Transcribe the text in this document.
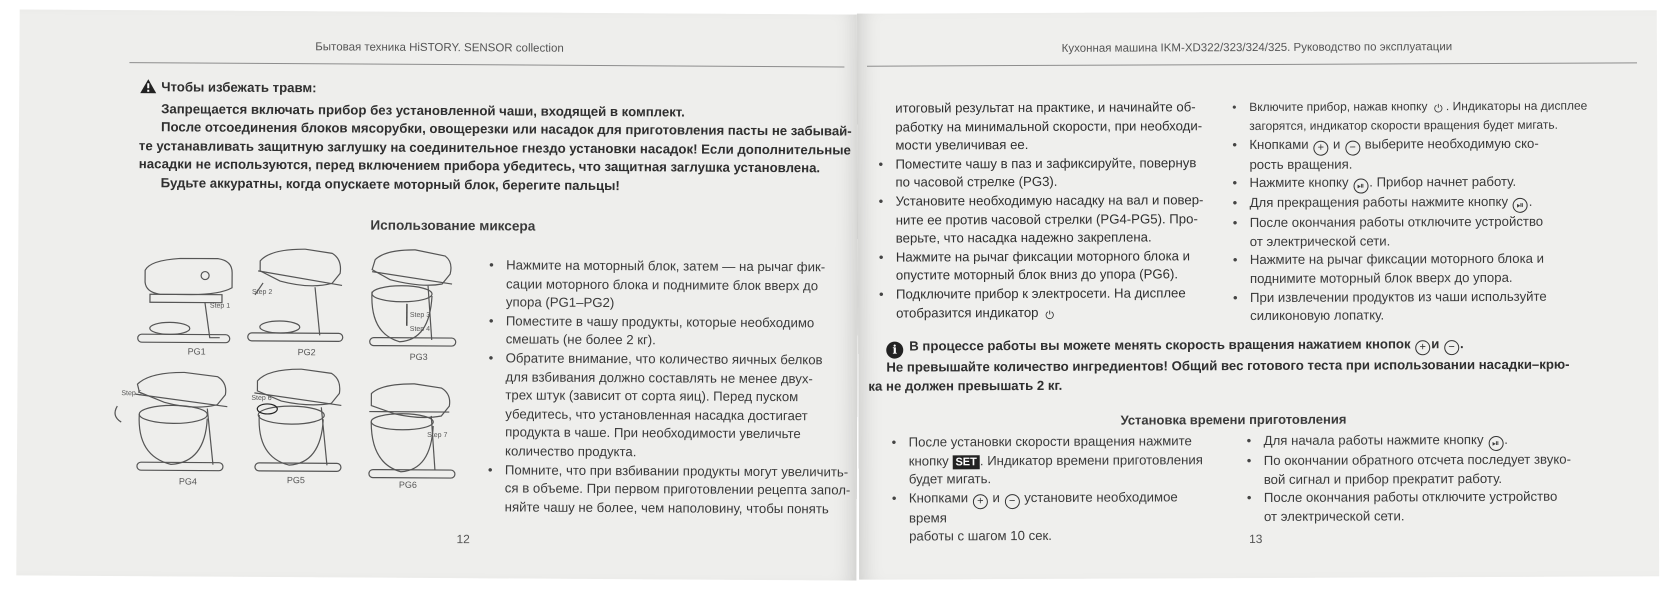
Бытовая техника HiSTORY. SENSOR collection

Чтобы избежать травм:

Запрещается включать прибор без установленной чаши, входящей в комплект.

После отсоединения блоков мясорубки, овощерезки или насадок для приготовления пасты не забывай-

те устанавливать защитную заглушку на соединительное гнездо установки насадок! Если дополнительные

насадки не используются, перед включением прибора убедитесь, что защитная заглушка установлена.

Будьте аккуратны, когда опускаете моторный блок, берегите пальцы!

Использование миксера
PG1	PG2	PG3
PG4	PG5	PG6
Step 1
Step 2
Step 3
Step 4
Step 5
Step 6
Step 7
• Нажмите на моторный блок, затем — на рычаг фик-
сации моторного блока и поднимите блок вверх до
упора (PG1–PG2)
• Поместите в чашу продукты, которые необходимо
смешать (не более 2 кг).
• Обратите внимание, что количество яичных белков
для взбивания должно составлять не менее двух-
трех штук (зависит от сорта яиц). Перед пуском
убедитесь, что установленная насадка достигает
продукта в чаше. При необходимости увеличьте
количество продукта.
• Помните, что при взбивании продукты могут увеличить-
ся в объеме. При первом приготовлении рецепта запол-
няйте чашу не более, чем наполовину, чтобы понять
12
Кухонная машина IKM-XD322/323/324/325. Руководство по эксплуатации
итоговый результат на практике, и начинайте об-
работку на минимальной скорости, при необходи-
мости увеличивая ее.
• Поместите чашу в паз и зафиксируйте, повернув
по часовой стрелке (PG3).
• Установите необходимую насадку на вал и повер-
ните ее против часовой стрелки (PG4-PG5). Про-
верьте, что насадка надежно закреплена.
• Нажмите на рычаг фиксации моторного блока и
опустите моторный блок вниз до упора (PG6).
• Подключите прибор к электросети. На дисплее
отобразится индикатор ⏻
• Включите прибор, нажав кнопку ⏻ . Индикаторы на дисплее
загорятся, индикатор скорости вращения будет мигать.
• Кнопками + и − выберите необходимую ско-
рость вращения.
• Нажмите кнопку ⏯ . Прибор начнет работу.
• Для прекращения работы нажмите кнопку ⏯ .
• После окончания работы отключите устройство
от электрической сети.
• Нажмите на рычаг фиксации моторного блока и
поднимите моторный блок вверх до упора.
• При извлечении продуктов из чаши используйте
силиконовую лопатку.
i В процессе работы вы можете менять скорость вращения нажатием кнопок + и − .
Не превышайте количество ингредиентов! Общий вес готового теста при использовании насадки–крю-
ка не должен превышать 2 кг.
Установка времени приготовления
• После установки скорости вращения нажмите
кнопку SET . Индикатор времени приготовления
будет мигать.
• Кнопками + и − установите необходимое время
работы с шагом 10 сек.
• Для начала работы нажмите кнопку ⏯ .
• По окончании обратного отсчета последует звуко-
вой сигнал и прибор прекратит работу.
• После окончания работы отключите устройство
от электрической сети.
13
